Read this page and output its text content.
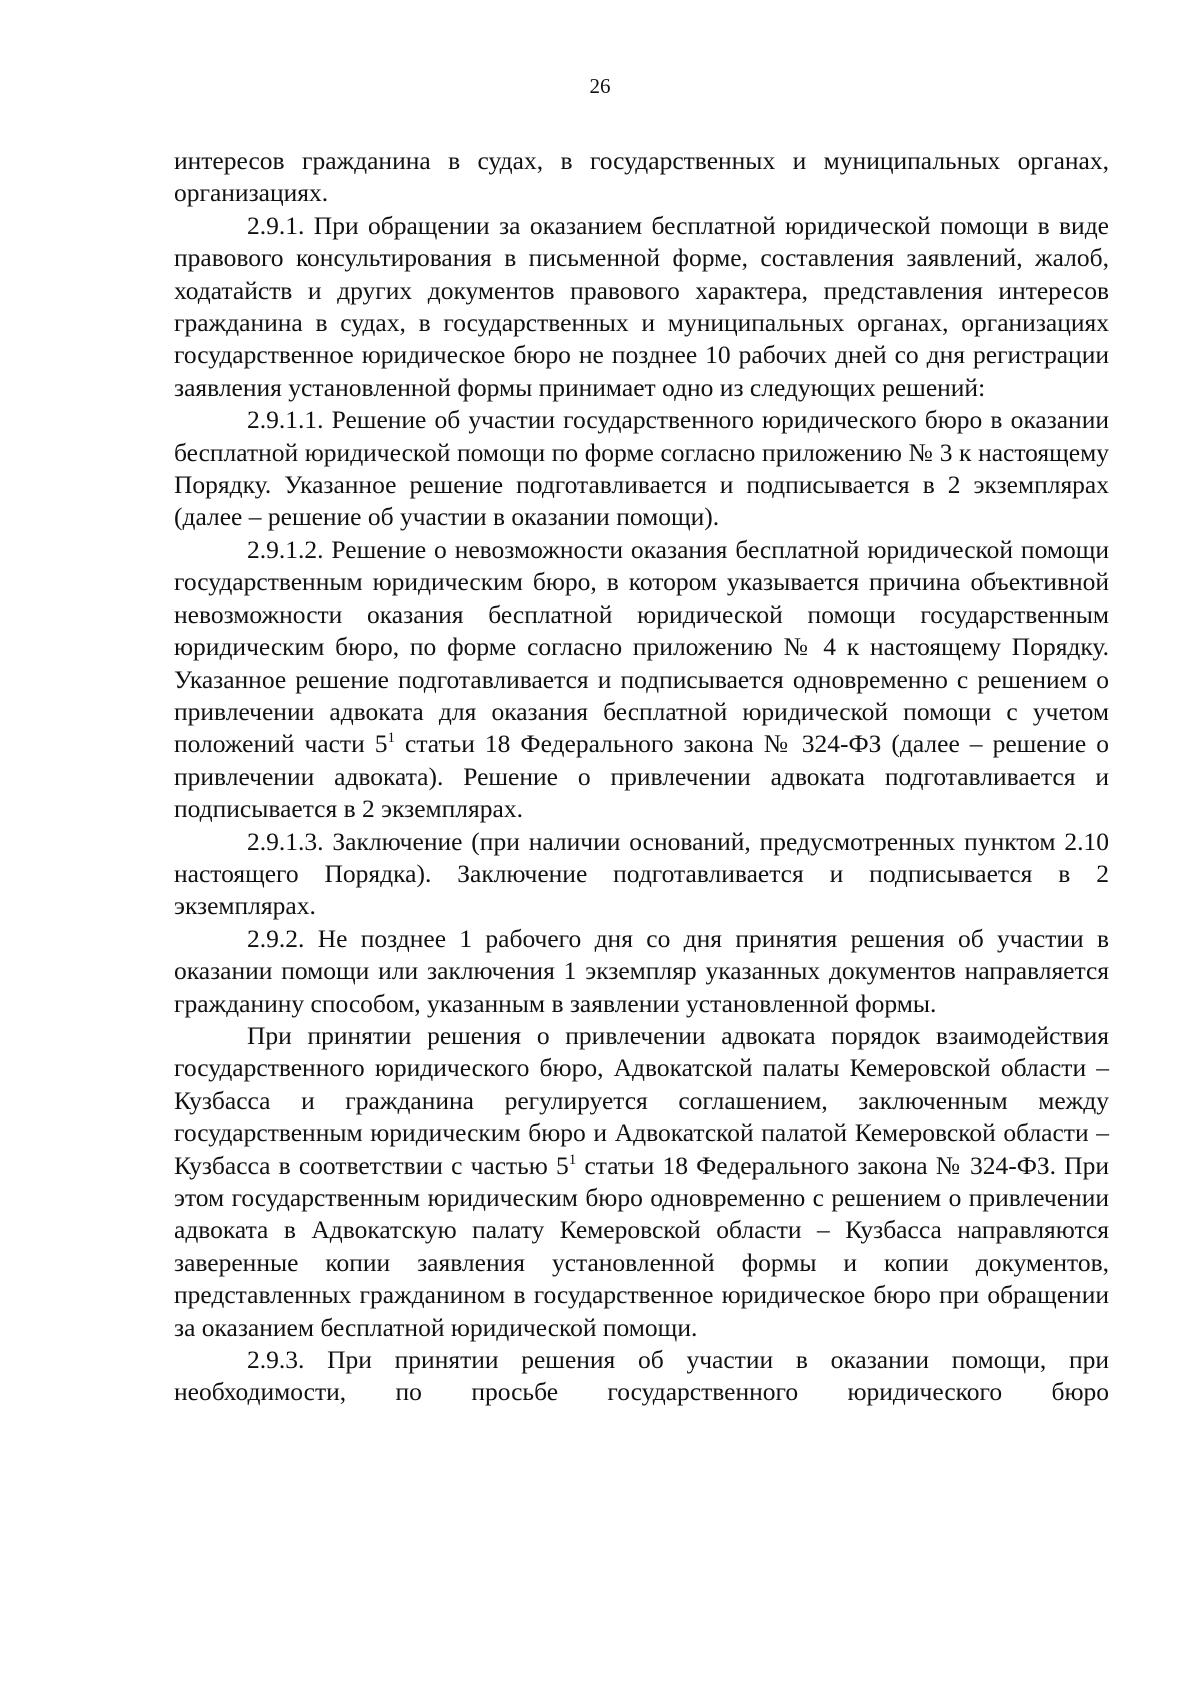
26

интересов гражданина в судах, в государственных и муниципальных органах, организациях.

2.9.1. При обращении за оказанием бесплатной юридической помощи в виде правового консультирования в письменной форме, составления заявлений, жалоб, ходатайств и других документов правового характера, представления интересов гражданина в судах, в государственных и муниципальных органах, организациях государственное юридическое бюро не позднее 10 рабочих дней со дня регистрации заявления установленной формы принимает одно из следующих решений:

2.9.1.1. Решение об участии государственного юридического бюро в оказании бесплатной юридической помощи по форме согласно приложению № 3 к настоящему Порядку. Указанное решение подготавливается и подписывается в 2 экземплярах (далее – решение об участии в оказании помощи).

2.9.1.2. Решение о невозможности оказания бесплатной юридической помощи государственным юридическим бюро, в котором указывается причина объективной невозможности оказания бесплатной юридической помощи государственным юридическим бюро, по форме согласно приложению № 4 к настоящему Порядку. Указанное решение подготавливается и подписывается одновременно с решением о привлечении адвоката для оказания бесплатной юридической помощи с учетом положений части $5^1$ статьи 18 Федерального закона № 324-ФЗ (далее – решение о привлечении адвоката). Решение о привлечении адвоката подготавливается и подписывается в 2 экземплярах.

2.9.1.3. Заключение (при наличии оснований, предусмотренных пунктом 2.10 настоящего Порядка). Заключение подготавливается и подписывается в 2 экземплярах.

2.9.2. Не позднее 1 рабочего дня со дня принятия решения об участии в оказании помощи или заключения 1 экземпляр указанных документов направляется гражданину способом, указанным в заявлении установленной формы.

При принятии решения о привлечении адвоката порядок взаимодействия государственного юридического бюро, Адвокатской палаты Кемеровской области – Кузбасса и гражданина регулируется соглашением, заключенным между государственным юридическим бюро и Адвокатской палатой Кемеровской области – Кузбасса в соответствии с частью $5^1$ статьи 18 Федерального закона № 324-ФЗ. При этом государственным юридическим бюро одновременно с решением о привлечении адвоката в Адвокатскую палату Кемеровской области – Кузбасса направляются заверенные копии заявления установленной формы и копии документов, представленных гражданином в государственное юридическое бюро при обращении за оказанием бесплатной юридической помощи.

2.9.3. При принятии решения об участии в оказании помощи, при необходимости, по просьбе государственного юридического бюро
